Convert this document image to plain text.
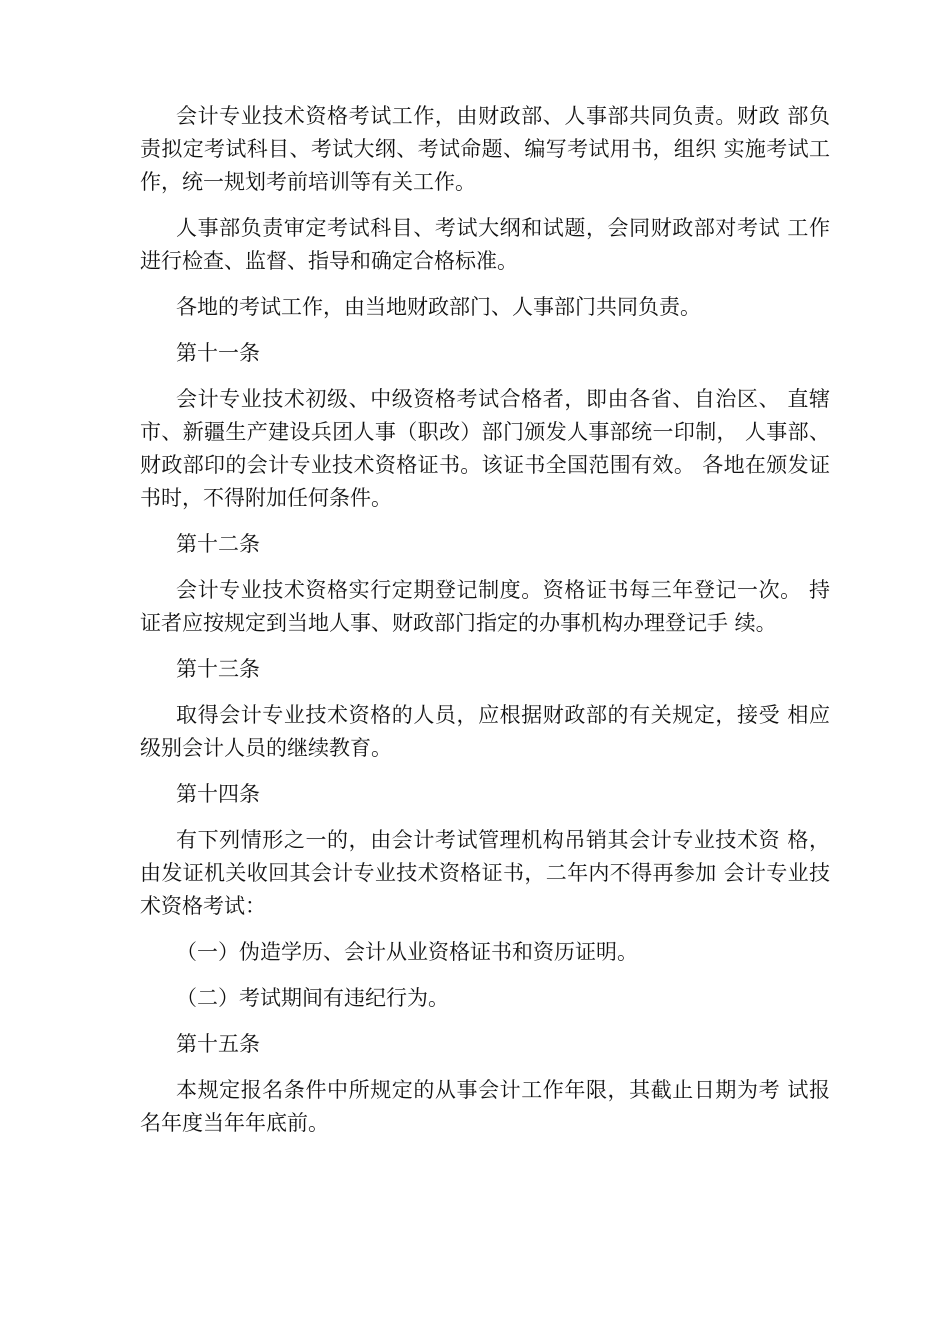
会计专业技术资格考试工作，由财政部、人事部共同负责。财政 部负责拟定考试科目、考试大纲、考试命题、编写考试用书，组织 实施考试工作，统一规划考前培训等有关工作。

人事部负责审定考试科目、考试大纲和试题，会同财政部对考试 工作进行检查、监督、指导和确定合格标准。

各地的考试工作，由当地财政部门、人事部门共同负责。

第十一条

会计专业技术初级、中级资格考试合格者，即由各省、自治区、 直辖市、新疆生产建设兵团人事（职改）部门颁发人事部统一印制， 人事部、财政部印的会计专业技术资格证书。该证书全国范围有效。 各地在颁发证书时，不得附加任何条件。

第十二条

会计专业技术资格实行定期登记制度。资格证书每三年登记一次。 持证者应按规定到当地人事、财政部门指定的办事机构办理登记手 续。

第十三条

取得会计专业技术资格的人员，应根据财政部的有关规定，接受 相应级别会计人员的继续教育。

第十四条

有下列情形之一的，由会计考试管理机构吊销其会计专业技术资 格，由发证机关收回其会计专业技术资格证书，二年内不得再参加 会计专业技术资格考试：

（一）伪造学历、会计从业资格证书和资历证明。

（二）考试期间有违纪行为。

第十五条

本规定报名条件中所规定的从事会计工作年限，其截止日期为考 试报名年度当年年底前。
